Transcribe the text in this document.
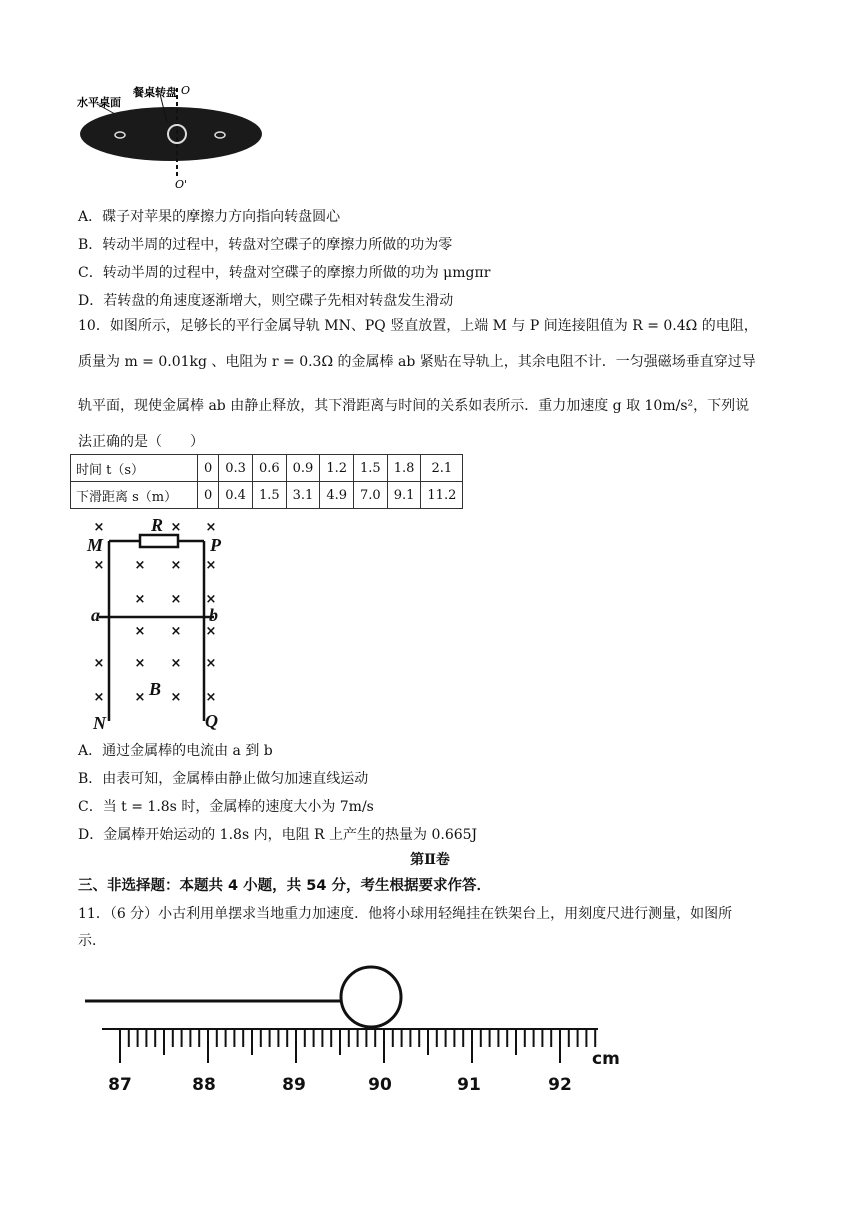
水平桌面
餐桌转盘 O
O'
A．碟子对苹果的摩擦力方向指向转盘圆心
B．转动半周的过程中，转盘对空碟子的摩擦力所做的功为零
C．转动半周的过程中，转盘对空碟子的摩擦力所做的功为 μmgπr
D．若转盘的角速度逐渐增大，则空碟子先相对转盘发生滑动
10．如图所示，足够长的平行金属导轨 MN、PQ 竖直放置，上端 M 与 P 间连接阻值为 R = 0.4Ω 的电阻，
质量为 m = 0.01kg 、电阻为 r = 0.3Ω 的金属棒 ab 紧贴在导轨上，其余电阻不计．一匀强磁场垂直穿过导
轨平面，现使金属棒 ab 由静止释放，其下滑距离与时间的关系如表所示．重力加速度 g 取 10m/s²，下列说
法正确的是（　　）
时间 t（s）	0	0.3	0.6	0.9	1.2	1.5	1.8	2.1
下滑距离 s（m）	0	0.4	1.5	3.1	4.9	7.0	9.1	11.2
×	× ×
× × × ×
× × ×
× × ×
× × × ×
× × × ×
R
M	P
a	b
B
N	Q
A．通过金属棒的电流由 a 到 b
B．由表可知，金属棒由静止做匀加速直线运动
C．当 t = 1.8s 时，金属棒的速度大小为 7m/s
D．金属棒开始运动的 1.8s 内，电阻 R 上产生的热量为 0.665J
第Ⅱ卷
三、非选择题：本题共 4 小题，共 54 分，考生根据要求作答．
11．（6 分）小古利用单摆求当地重力加速度．他将小球用轻绳挂在铁架台上，用刻度尺进行测量，如图所
示．
87	88	89	90	91	92
cm
